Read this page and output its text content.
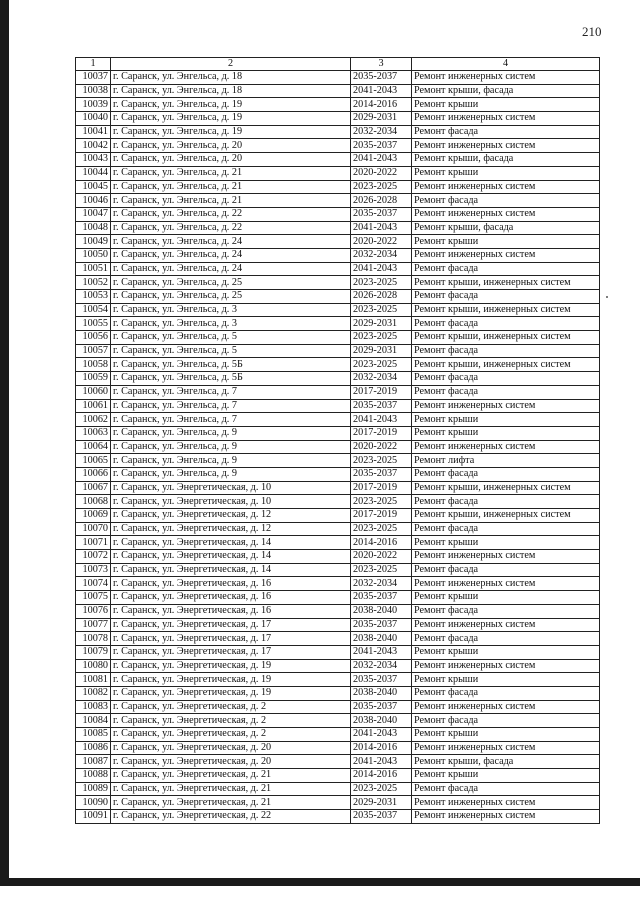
210
1	2	3	4
10037	г. Саранск, ул. Энгельса, д. 18	2035-2037	Ремонт инженерных систем
10038	г. Саранск, ул. Энгельса, д. 18	2041-2043	Ремонт крыши, фасада
10039	г. Саранск, ул. Энгельса, д. 19	2014-2016	Ремонт крыши
10040	г. Саранск, ул. Энгельса, д. 19	2029-2031	Ремонт инженерных систем
10041	г. Саранск, ул. Энгельса, д. 19	2032-2034	Ремонт фасада
10042	г. Саранск, ул. Энгельса, д. 20	2035-2037	Ремонт инженерных систем
10043	г. Саранск, ул. Энгельса, д. 20	2041-2043	Ремонт крыши, фасада
10044	г. Саранск, ул. Энгельса, д. 21	2020-2022	Ремонт крыши
10045	г. Саранск, ул. Энгельса, д. 21	2023-2025	Ремонт инженерных систем
10046	г. Саранск, ул. Энгельса, д. 21	2026-2028	Ремонт фасада
10047	г. Саранск, ул. Энгельса, д. 22	2035-2037	Ремонт инженерных систем
10048	г. Саранск, ул. Энгельса, д. 22	2041-2043	Ремонт крыши, фасада
10049	г. Саранск, ул. Энгельса, д. 24	2020-2022	Ремонт крыши
10050	г. Саранск, ул. Энгельса, д. 24	2032-2034	Ремонт инженерных систем
10051	г. Саранск, ул. Энгельса, д. 24	2041-2043	Ремонт фасада
10052	г. Саранск, ул. Энгельса, д. 25	2023-2025	Ремонт крыши, инженерных систем
10053	г. Саранск, ул. Энгельса, д. 25	2026-2028	Ремонт фасада
10054	г. Саранск, ул. Энгельса, д. 3	2023-2025	Ремонт крыши, инженерных систем
10055	г. Саранск, ул. Энгельса, д. 3	2029-2031	Ремонт фасада
10056	г. Саранск, ул. Энгельса, д. 5	2023-2025	Ремонт крыши, инженерных систем
10057	г. Саранск, ул. Энгельса, д. 5	2029-2031	Ремонт фасада
10058	г. Саранск, ул. Энгельса, д. 5Б	2023-2025	Ремонт крыши, инженерных систем
10059	г. Саранск, ул. Энгельса, д. 5Б	2032-2034	Ремонт фасада
10060	г. Саранск, ул. Энгельса, д. 7	2017-2019	Ремонт фасада
10061	г. Саранск, ул. Энгельса, д. 7	2035-2037	Ремонт инженерных систем
10062	г. Саранск, ул. Энгельса, д. 7	2041-2043	Ремонт крыши
10063	г. Саранск, ул. Энгельса, д. 9	2017-2019	Ремонт крыши
10064	г. Саранск, ул. Энгельса, д. 9	2020-2022	Ремонт инженерных систем
10065	г. Саранск, ул. Энгельса, д. 9	2023-2025	Ремонт лифта
10066	г. Саранск, ул. Энгельса, д. 9	2035-2037	Ремонт фасада
10067	г. Саранск, ул. Энергетическая, д. 10	2017-2019	Ремонт крыши, инженерных систем
10068	г. Саранск, ул. Энергетическая, д. 10	2023-2025	Ремонт фасада
10069	г. Саранск, ул. Энергетическая, д. 12	2017-2019	Ремонт крыши, инженерных систем
10070	г. Саранск, ул. Энергетическая, д. 12	2023-2025	Ремонт фасада
10071	г. Саранск, ул. Энергетическая, д. 14	2014-2016	Ремонт крыши
10072	г. Саранск, ул. Энергетическая, д. 14	2020-2022	Ремонт инженерных систем
10073	г. Саранск, ул. Энергетическая, д. 14	2023-2025	Ремонт фасада
10074	г. Саранск, ул. Энергетическая, д. 16	2032-2034	Ремонт инженерных систем
10075	г. Саранск, ул. Энергетическая, д. 16	2035-2037	Ремонт крыши
10076	г. Саранск, ул. Энергетическая, д. 16	2038-2040	Ремонт фасада
10077	г. Саранск, ул. Энергетическая, д. 17	2035-2037	Ремонт инженерных систем
10078	г. Саранск, ул. Энергетическая, д. 17	2038-2040	Ремонт фасада
10079	г. Саранск, ул. Энергетическая, д. 17	2041-2043	Ремонт крыши
10080	г. Саранск, ул. Энергетическая, д. 19	2032-2034	Ремонт инженерных систем
10081	г. Саранск, ул. Энергетическая, д. 19	2035-2037	Ремонт крыши
10082	г. Саранск, ул. Энергетическая, д. 19	2038-2040	Ремонт фасада
10083	г. Саранск, ул. Энергетическая, д. 2	2035-2037	Ремонт инженерных систем
10084	г. Саранск, ул. Энергетическая, д. 2	2038-2040	Ремонт фасада
10085	г. Саранск, ул. Энергетическая, д. 2	2041-2043	Ремонт крыши
10086	г. Саранск, ул. Энергетическая, д. 20	2014-2016	Ремонт инженерных систем
10087	г. Саранск, ул. Энергетическая, д. 20	2041-2043	Ремонт крыши, фасада
10088	г. Саранск, ул. Энергетическая, д. 21	2014-2016	Ремонт крыши
10089	г. Саранск, ул. Энергетическая, д. 21	2023-2025	Ремонт фасада
10090	г. Саранск, ул. Энергетическая, д. 21	2029-2031	Ремонт инженерных систем
10091	г. Саранск, ул. Энергетическая, д. 22	2035-2037	Ремонт инженерных систем
